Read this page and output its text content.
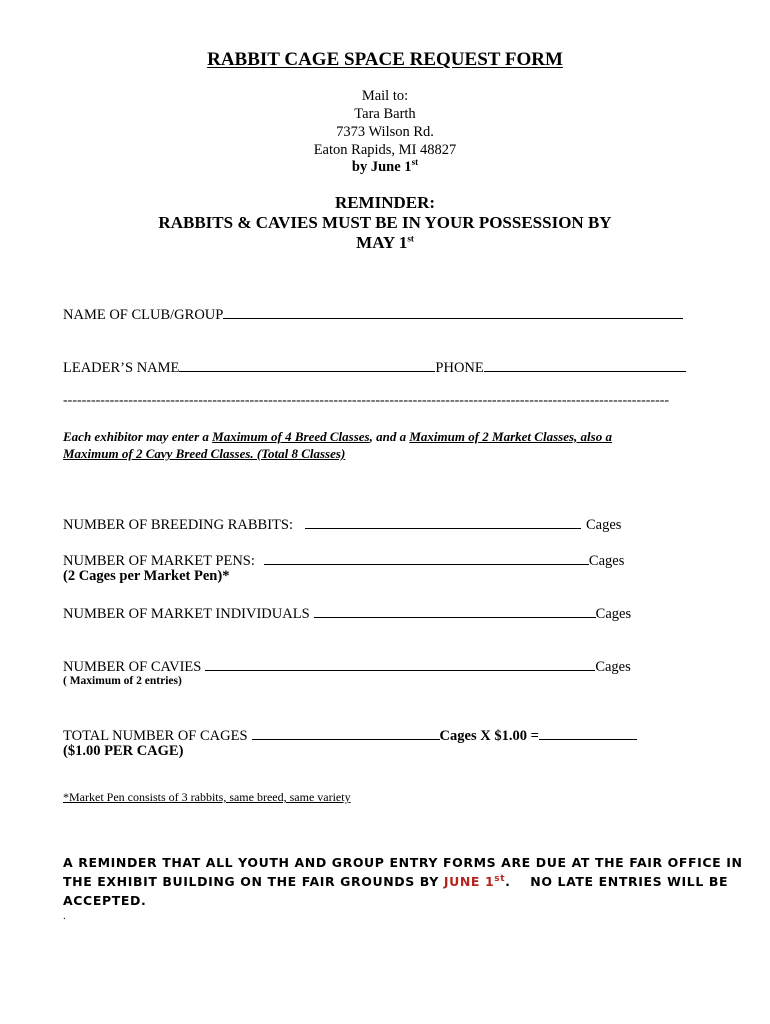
RABBIT CAGE SPACE REQUEST FORM
Mail to:
Tara Barth
7373 Wilson Rd.
Eaton Rapids, MI 48827
by June 1st
REMINDER:
RABBITS & CAVIES MUST BE IN YOUR POSSESSION BY
MAY 1st
NAME OF CLUB/GROUP
LEADER’S NAME	PHONE
----------------------------------------------------------------------------------------------------------------------------------
Each exhibitor may enter a Maximum of 4 Breed Classes, and a Maximum of 2 Market Classes, also a
Maximum of 2 Cavy Breed Classes. (Total 8 Classes)
NUMBER OF BREEDING RABBITS:	Cages
NUMBER OF MARKET PENS:	Cages
(2 Cages per Market Pen)*
NUMBER OF MARKET INDIVIDUALS	Cages
NUMBER OF CAVIES	Cages
( Maximum of 2 entries)
TOTAL NUMBER OF CAGES	Cages X $1.00 =
($1.00 PER CAGE)
*Market Pen consists of 3 rabbits, same breed, same variety
A REMINDER THAT ALL YOUTH AND GROUP ENTRY FORMS ARE DUE AT THE FAIR OFFICE IN
THE EXHIBIT BUILDING ON THE FAIR GROUNDS BY JUNE 1st.    NO LATE ENTRIES WILL BE
ACCEPTED.
.
